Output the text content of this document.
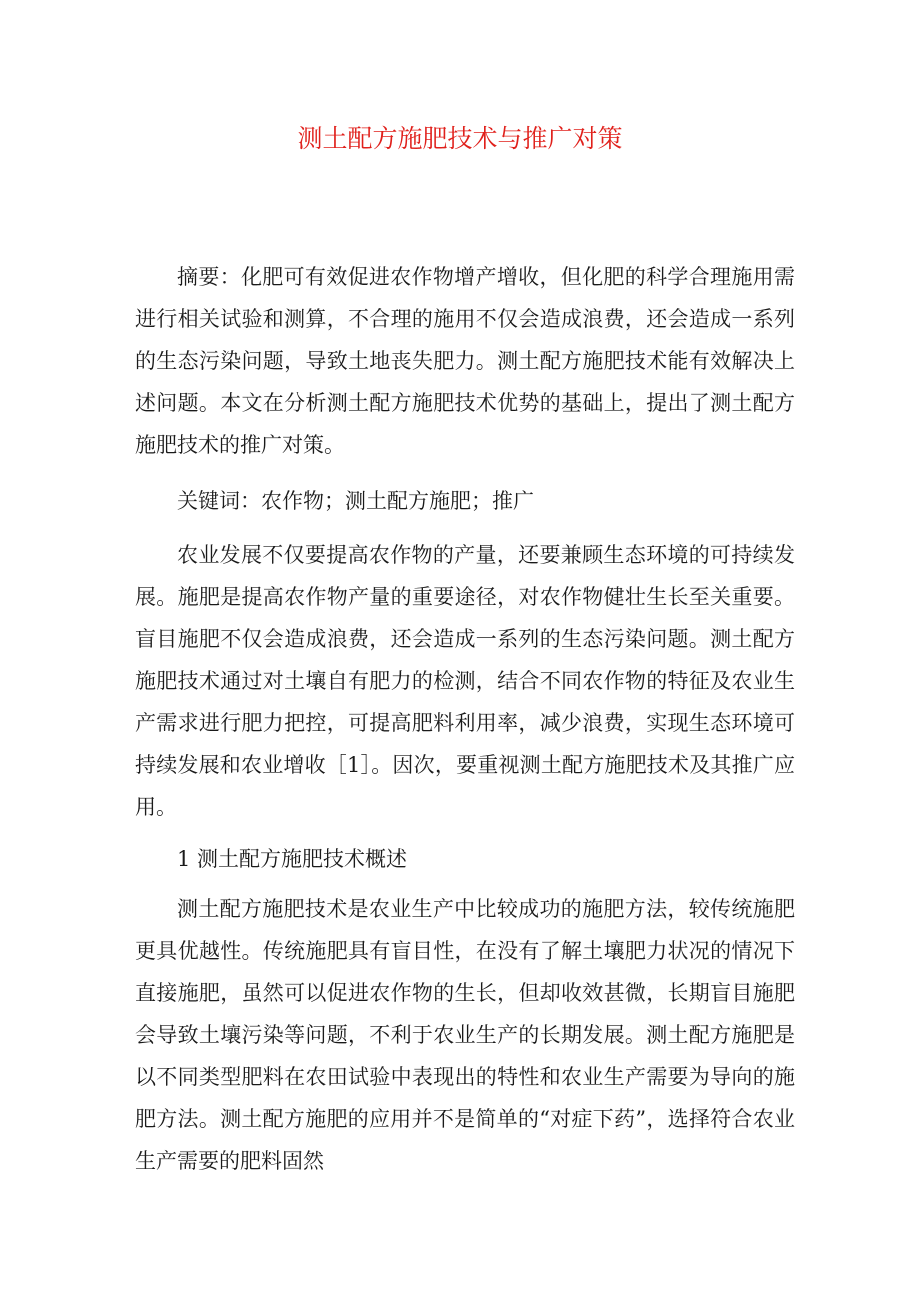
测土配方施肥技术与推广对策

摘要：化肥可有效促进农作物增产增收，但化肥的科学合理施用需进行相关试验和测算，不合理的施用不仅会造成浪费，还会造成一系列的生态污染问题，导致土地丧失肥力。测土配方施肥技术能有效解决上述问题。本文在分析测土配方施肥技术优势的基础上，提出了测土配方施肥技术的推广对策。

关键词：农作物；测土配方施肥；推广

农业发展不仅要提高农作物的产量，还要兼顾生态环境的可持续发展。施肥是提高农作物产量的重要途径，对农作物健壮生长至关重要。盲目施肥不仅会造成浪费，还会造成一系列的生态污染问题。测土配方施肥技术通过对土壤自有肥力的检测，结合不同农作物的特征及农业生产需求进行肥力把控，可提高肥料利用率，减少浪费，实现生态环境可持续发展和农业增收［1］。因次，要重视测土配方施肥技术及其推广应用。

1 测土配方施肥技术概述

测土配方施肥技术是农业生产中比较成功的施肥方法，较传统施肥更具优越性。传统施肥具有盲目性，在没有了解土壤肥力状况的情况下直接施肥，虽然可以促进农作物的生长，但却收效甚微，长期盲目施肥会导致土壤污染等问题，不利于农业生产的长期发展。测土配方施肥是以不同类型肥料在农田试验中表现出的特性和农业生产需要为导向的施肥方法。测土配方施肥的应用并不是简单的“对症下药”，选择符合农业生产需要的肥料固然
